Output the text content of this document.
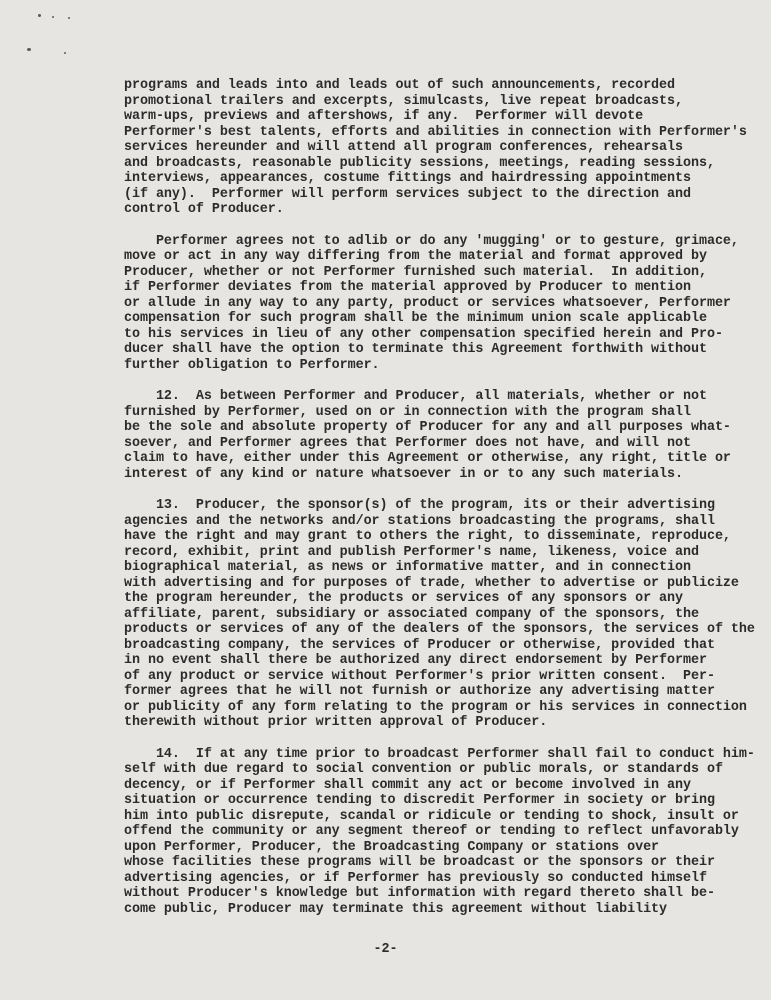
programs and leads into and leads out of such announcements, recorded
promotional trailers and excerpts, simulcasts, live repeat broadcasts,
warm-ups, previews and aftershows, if any.  Performer will devote
Performer's best talents, efforts and abilities in connection with Performer's
services hereunder and will attend all program conferences, rehearsals
and broadcasts, reasonable publicity sessions, meetings, reading sessions,
interviews, appearances, costume fittings and hairdressing appointments
(if any).  Performer will perform services subject to the direction and
control of Producer.
Performer agrees not to adlib or do any 'mugging' or to gesture, grimace,
move or act in any way differing from the material and format approved by
Producer, whether or not Performer furnished such material.  In addition,
if Performer deviates from the material approved by Producer to mention
or allude in any way to any party, product or services whatsoever, Performer
compensation for such program shall be the minimum union scale applicable
to his services in lieu of any other compensation specified herein and Pro-
ducer shall have the option to terminate this Agreement forthwith without
further obligation to Performer.
12.  As between Performer and Producer, all materials, whether or not
furnished by Performer, used on or in connection with the program shall
be the sole and absolute property of Producer for any and all purposes what-
soever, and Performer agrees that Performer does not have, and will not
claim to have, either under this Agreement or otherwise, any right, title or
interest of any kind or nature whatsoever in or to any such materials.
13.  Producer, the sponsor(s) of the program, its or their advertising
agencies and the networks and/or stations broadcasting the programs, shall
have the right and may grant to others the right, to disseminate, reproduce,
record, exhibit, print and publish Performer's name, likeness, voice and
biographical material, as news or informative matter, and in connection
with advertising and for purposes of trade, whether to advertise or publicize
the program hereunder, the products or services of any sponsors or any
affiliate, parent, subsidiary or associated company of the sponsors, the
products or services of any of the dealers of the sponsors, the services of the
broadcasting company, the services of Producer or otherwise, provided that
in no event shall there be authorized any direct endorsement by Performer
of any product or service without Performer's prior written consent.  Per-
former agrees that he will not furnish or authorize any advertising matter
or publicity of any form relating to the program or his services in connection
therewith without prior written approval of Producer.
14.  If at any time prior to broadcast Performer shall fail to conduct him-
self with due regard to social convention or public morals, or standards of
decency, or if Performer shall commit any act or become involved in any
situation or occurrence tending to discredit Performer in society or bring
him into public disrepute, scandal or ridicule or tending to shock, insult or
offend the community or any segment thereof or tending to reflect unfavorably
upon Performer, Producer, the Broadcasting Company or stations over
whose facilities these programs will be broadcast or the sponsors or their
advertising agencies, or if Performer has previously so conducted himself
without Producer's knowledge but information with regard thereto shall be-
come public, Producer may terminate this agreement without liability
-2-
